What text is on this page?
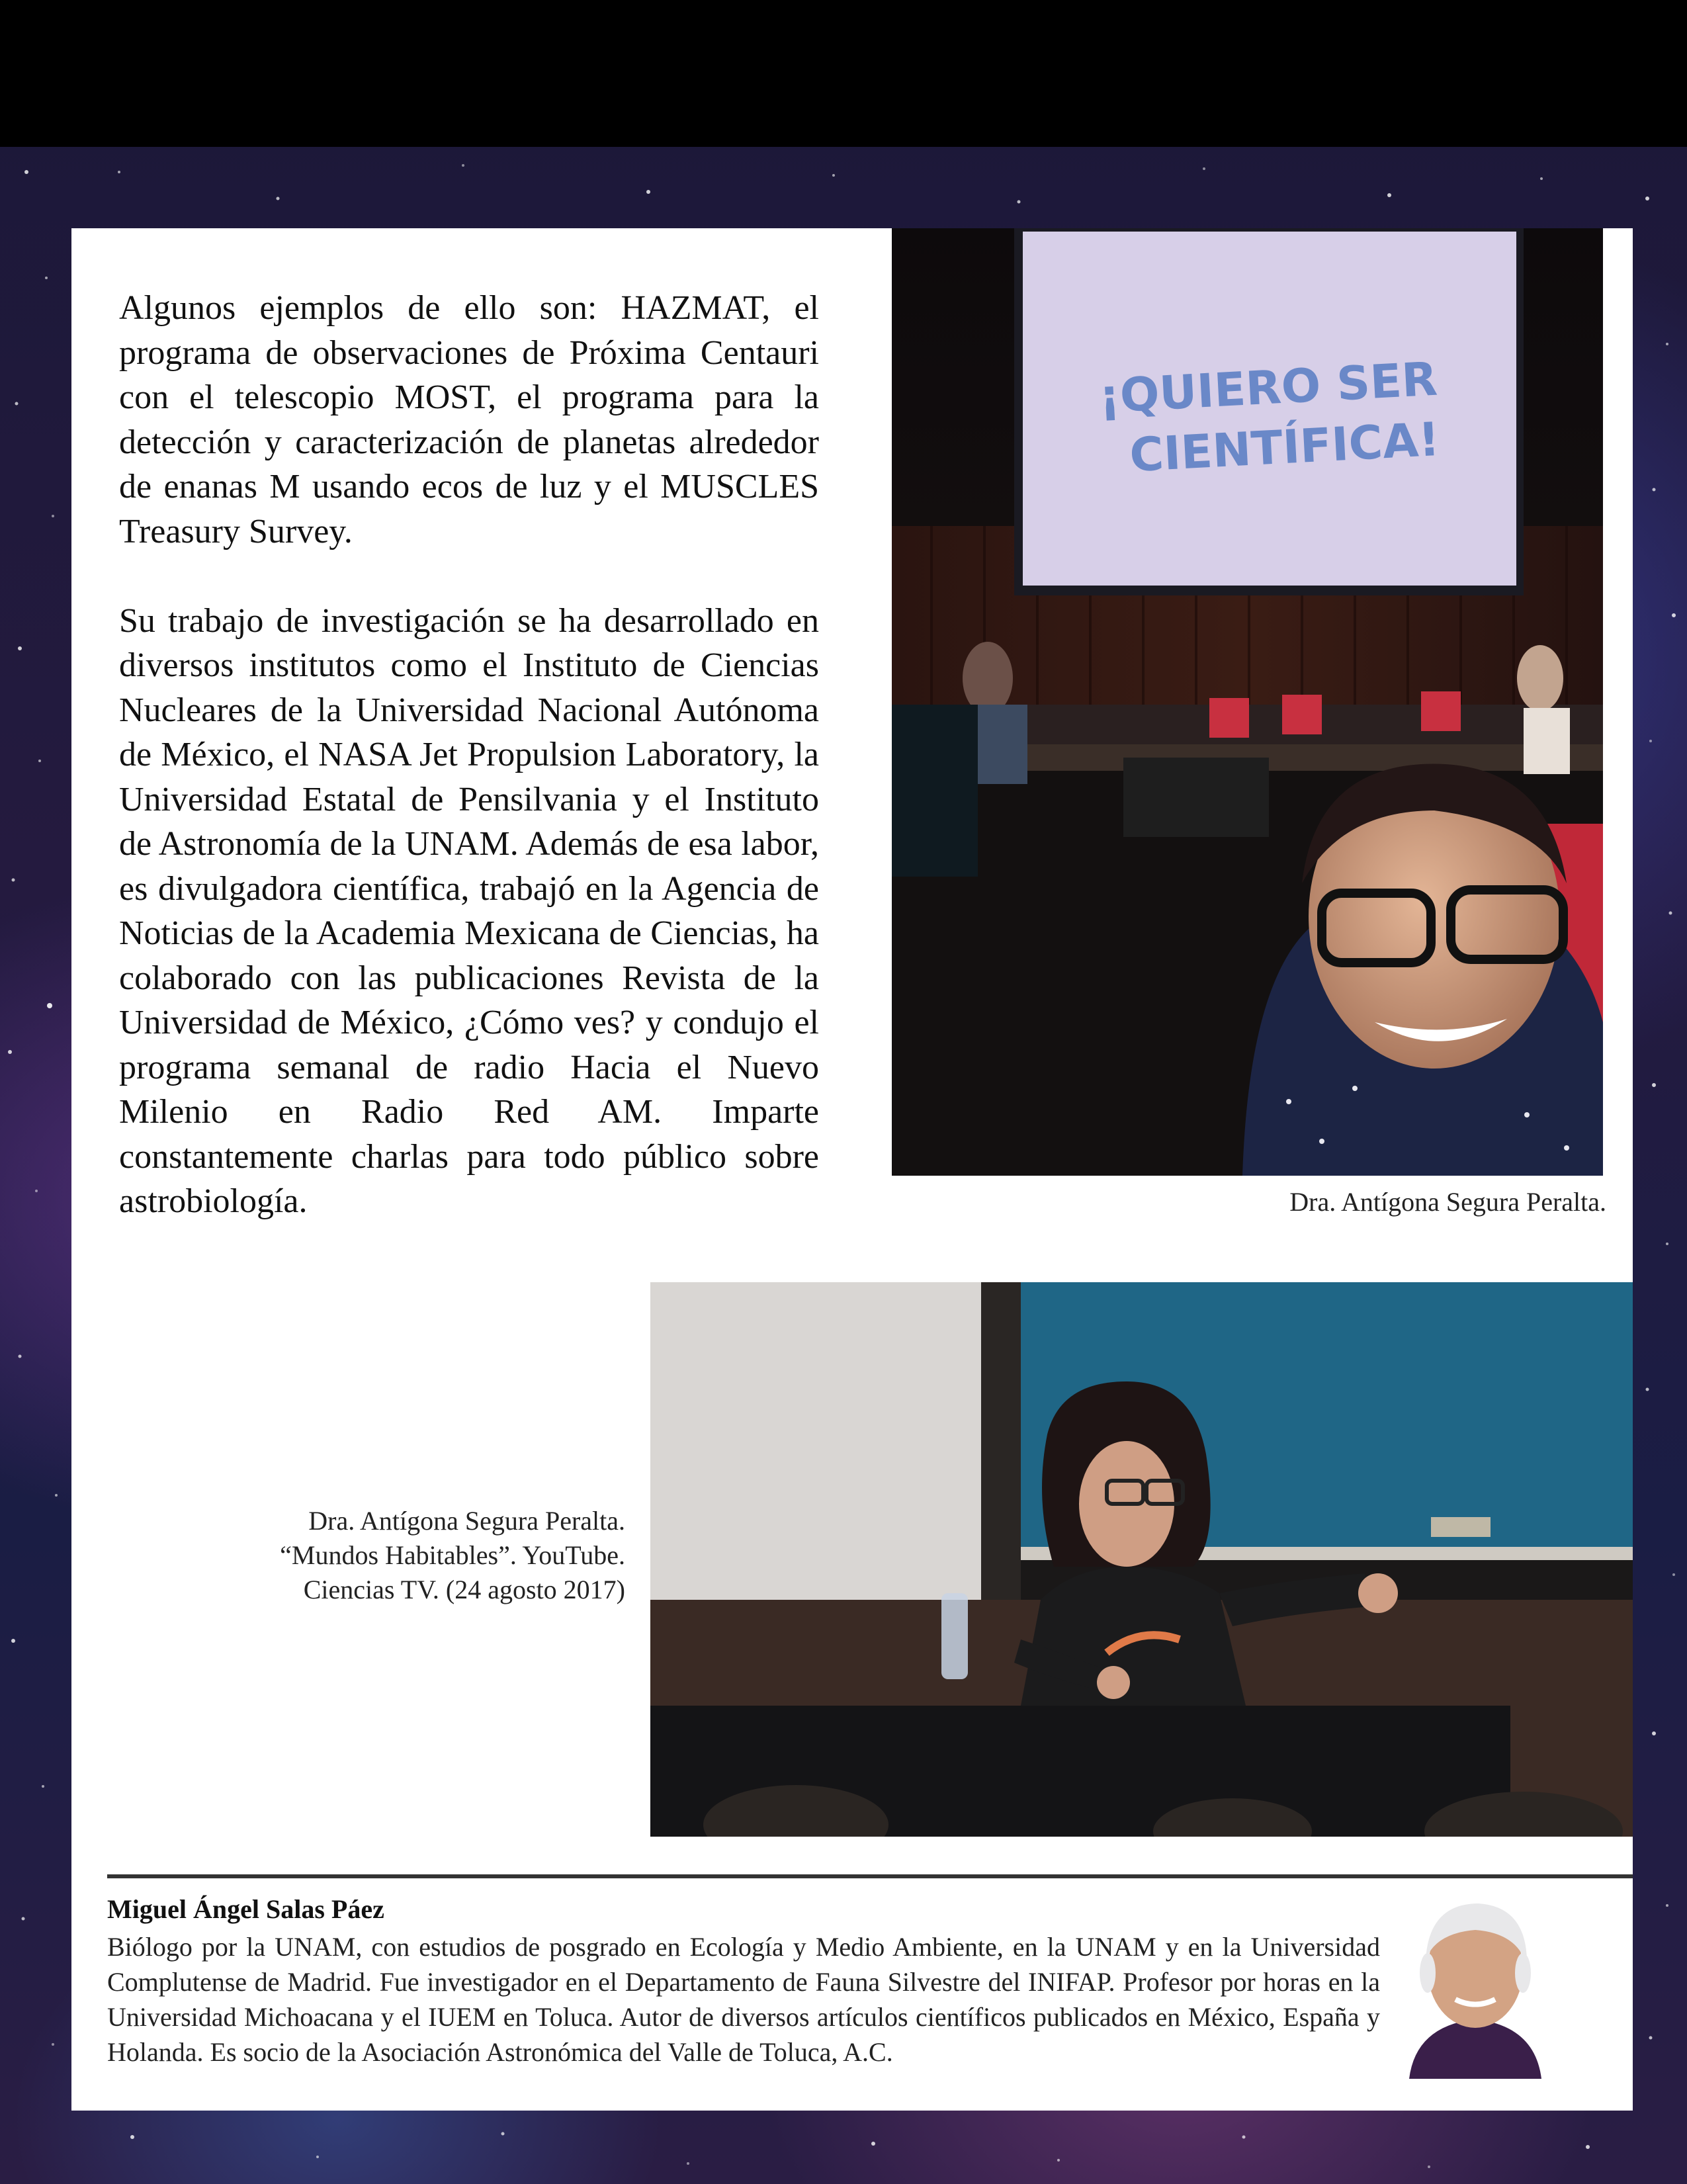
Algunos ejemplos de ello son: HAZMAT, el programa de observaciones de Próxima Centauri con el telescopio MOST, el programa para la detección y caracterización de planetas alrededor de enanas M usando ecos de luz y el MUSCLES Treasury Survey.

Su trabajo de investigación se ha desarrollado en diversos institutos como el Instituto de Ciencias Nucleares de la Universidad Nacional Autónoma de México, el NASA Jet Propulsion Laboratory, la Universidad Estatal de Pensilvania y el Instituto de Astronomía de la UNAM. Además de esa labor, es divulgadora científica, trabajó en la Agencia de Noticias de la Academia Mexicana de Ciencias, ha colaborado con las publicaciones Revista de la Universidad de México, ¿Cómo ves? y condujo el programa semanal de radio Hacia el Nuevo Milenio en Radio Red AM. Imparte constantemente charlas para todo público sobre astrobiología.

¡QUIERO SER
CIENTÍFICA!
Dra. Antígona Segura Peralta.
Dra. Antígona Segura Peralta.
“Mundos Habitables”. YouTube.
Ciencias TV. (24 agosto 2017)
Miguel Ángel Salas Páez

Biólogo por la UNAM, con estudios de posgrado en Ecología y Medio Ambiente, en la UNAM y en la Universidad Complutense de Madrid. Fue investigador en el Departamento de Fauna Silvestre del INIFAP. Profesor por horas en la Universidad Michoacana y el IUEM en Toluca. Autor de diversos artículos científicos publicados en México, España y Holanda. Es socio de la Asociación Astronómica del Valle de Toluca, A.C.
